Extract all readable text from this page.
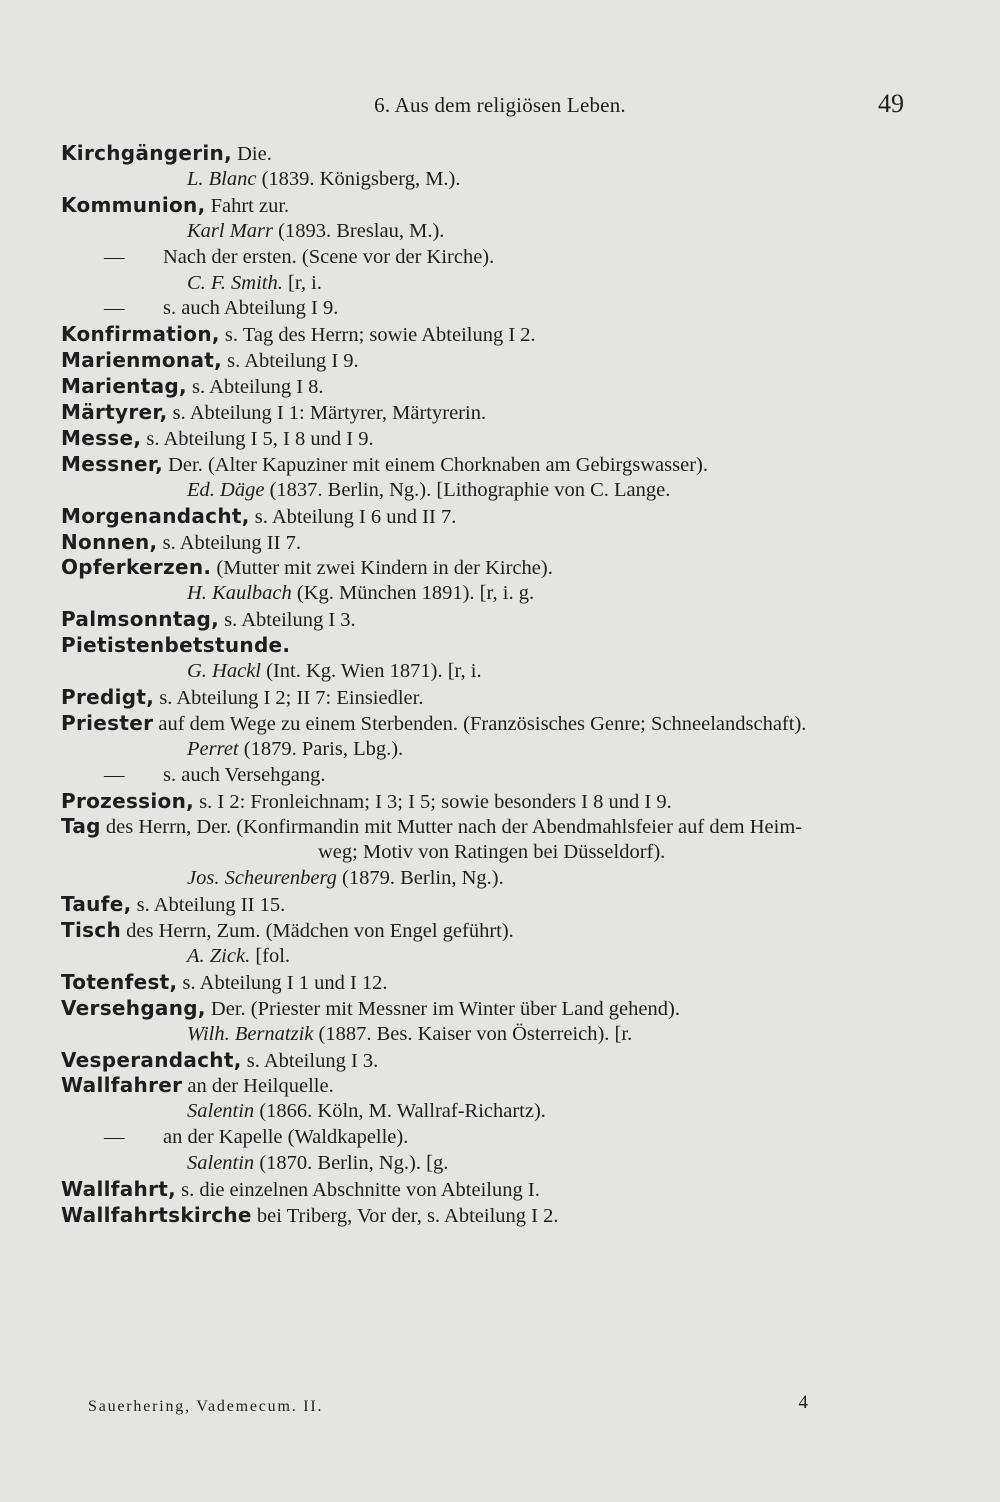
6. Aus dem religiösen Leben.	49
Kirchgängerin, Die.
L. Blanc (1839. Königsberg, M.).
Kommunion, Fahrt zur.
Karl Marr (1893. Breslau, M.).
— Nach der ersten. (Scene vor der Kirche).
C. F. Smith. [r, i.
— s. auch Abteilung I 9.
Konfirmation, s. Tag des Herrn; sowie Abteilung I 2.
Marienmonat, s. Abteilung I 9.
Marientag, s. Abteilung I 8.
Märtyrer, s. Abteilung I 1: Märtyrer, Märtyrerin.
Messe, s. Abteilung I 5, I 8 und I 9.
Messner, Der. (Alter Kapuziner mit einem Chorknaben am Gebirgswasser).
Ed. Däge (1837. Berlin, Ng.). [Lithographie von C. Lange.
Morgenandacht, s. Abteilung I 6 und II 7.
Nonnen, s. Abteilung II 7.
Opferkerzen. (Mutter mit zwei Kindern in der Kirche).
H. Kaulbach (Kg. München 1891). [r, i. g.
Palmsonntag, s. Abteilung I 3.
Pietistenbetstunde.
G. Hackl (Int. Kg. Wien 1871). [r, i.
Predigt, s. Abteilung I 2; II 7: Einsiedler.
Priester auf dem Wege zu einem Sterbenden. (Französisches Genre; Schneelandschaft).
Perret (1879. Paris, Lbg.).
— s. auch Versehgang.
Prozession, s. I 2: Fronleichnam; I 3; I 5; sowie besonders I 8 und I 9.
Tag des Herrn, Der. (Konfirmandin mit Mutter nach der Abendmahlsfeier auf dem Heim-
weg; Motiv von Ratingen bei Düsseldorf).
Jos. Scheurenberg (1879. Berlin, Ng.).
Taufe, s. Abteilung II 15.
Tisch des Herrn, Zum. (Mädchen von Engel geführt).
A. Zick. [fol.
Totenfest, s. Abteilung I 1 und I 12.
Versehgang, Der. (Priester mit Messner im Winter über Land gehend).
Wilh. Bernatzik (1887. Bes. Kaiser von Österreich). [r.
Vesperandacht, s. Abteilung I 3.
Wallfahrer an der Heilquelle.
Salentin (1866. Köln, M. Wallraf-Richartz).
— an der Kapelle (Waldkapelle).
Salentin (1870. Berlin, Ng.). [g.
Wallfahrt, s. die einzelnen Abschnitte von Abteilung I.
Wallfahrtskirche bei Triberg, Vor der, s. Abteilung I 2.
Sauerhering, Vademecum. II.	4
